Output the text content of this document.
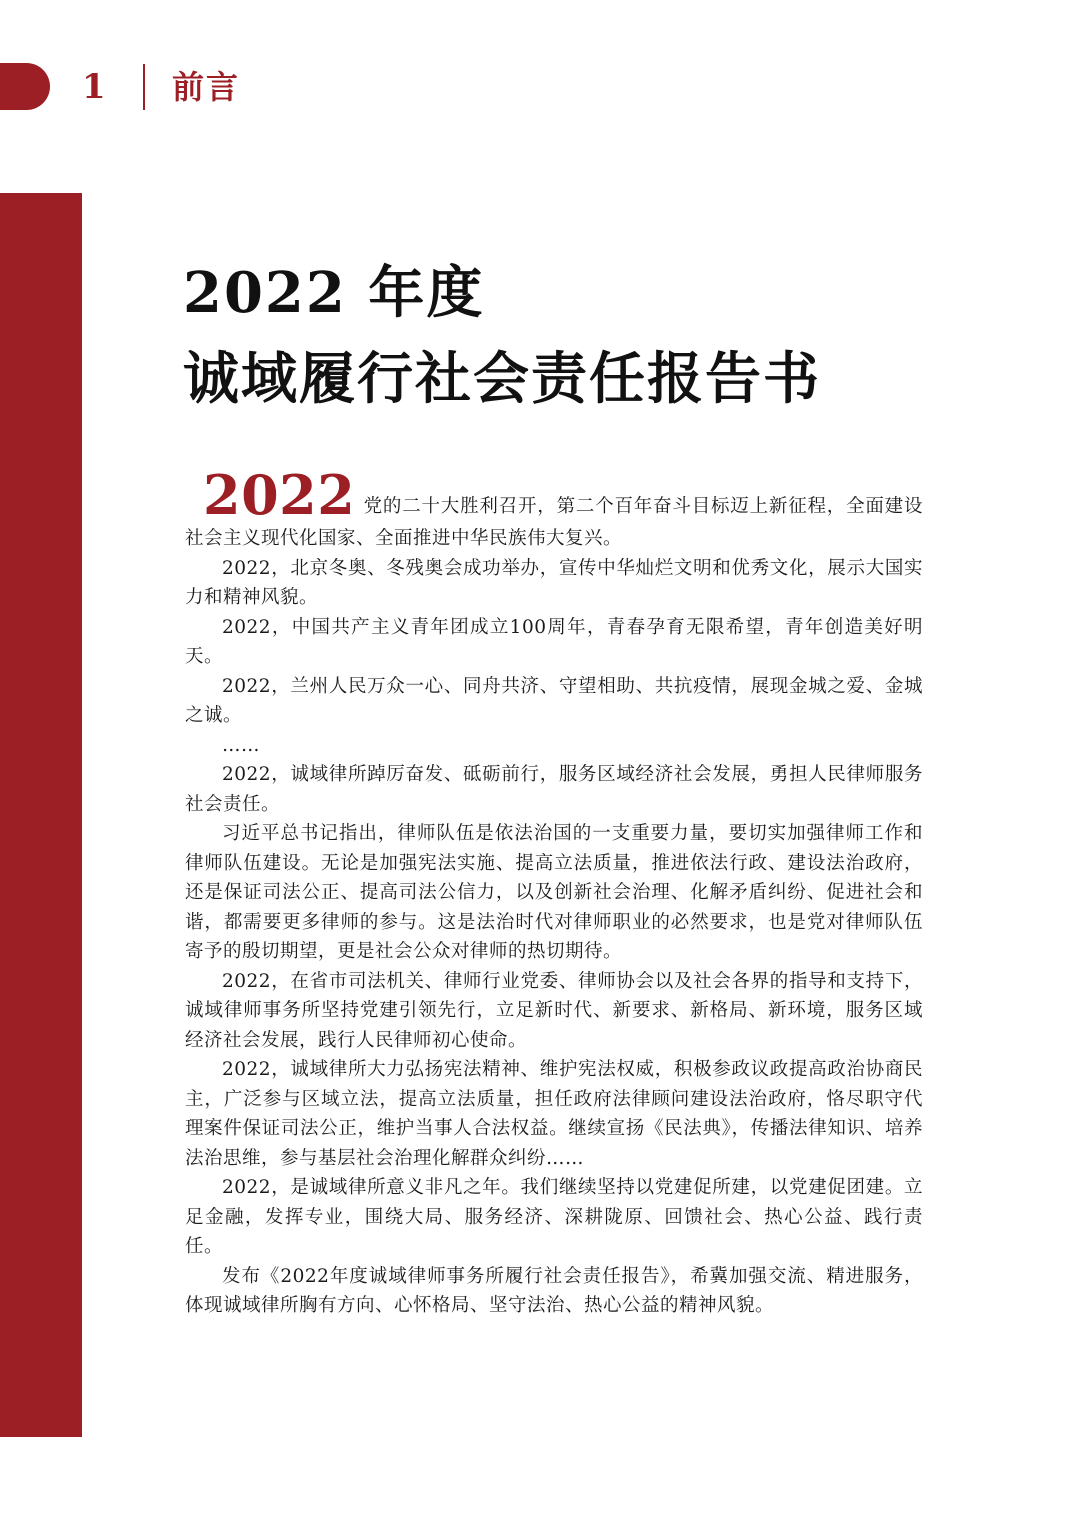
1 前言
2022 年度
诚域履行社会责任报告书

2022 党的二十大胜利召开，第二个百年奋斗目标迈上新征程，全面建设社会主义现代化国家、全面推进中华民族伟大复兴。

2022，北京冬奥、冬残奥会成功举办，宣传中华灿烂文明和优秀文化，展示大国实力和精神风貌。

2022，中国共产主义青年团成立100周年，青春孕育无限希望，青年创造美好明天。

2022，兰州人民万众一心、同舟共济、守望相助、共抗疫情，展现金城之爱、金城之诚。

……

2022，诚域律所踔厉奋发、砥砺前行，服务区域经济社会发展，勇担人民律师服务社会责任。

习近平总书记指出，律师队伍是依法治国的一支重要力量，要切实加强律师工作和律师队伍建设。无论是加强宪法实施、提高立法质量，推进依法行政、建设法治政府，还是保证司法公正、提高司法公信力，以及创新社会治理、化解矛盾纠纷、促进社会和谐，都需要更多律师的参与。这是法治时代对律师职业的必然要求，也是党对律师队伍寄予的殷切期望，更是社会公众对律师的热切期待。

2022，在省市司法机关、律师行业党委、律师协会以及社会各界的指导和支持下，诚域律师事务所坚持党建引领先行，立足新时代、新要求、新格局、新环境，服务区域经济社会发展，践行人民律师初心使命。

2022，诚域律所大力弘扬宪法精神、维护宪法权威，积极参政议政提高政治协商民主，广泛参与区域立法，提高立法质量，担任政府法律顾问建设法治政府，恪尽职守代理案件保证司法公正，维护当事人合法权益。继续宣扬《民法典》，传播法律知识、培养法治思维，参与基层社会治理化解群众纠纷……

2022，是诚域律所意义非凡之年。我们继续坚持以党建促所建，以党建促团建。立足金融，发挥专业，围绕大局、服务经济、深耕陇原、回馈社会、热心公益、践行责任。

发布《2022年度诚域律师事务所履行社会责任报告》，希冀加强交流、精进服务，体现诚域律所胸有方向、心怀格局、坚守法治、热心公益的精神风貌。
